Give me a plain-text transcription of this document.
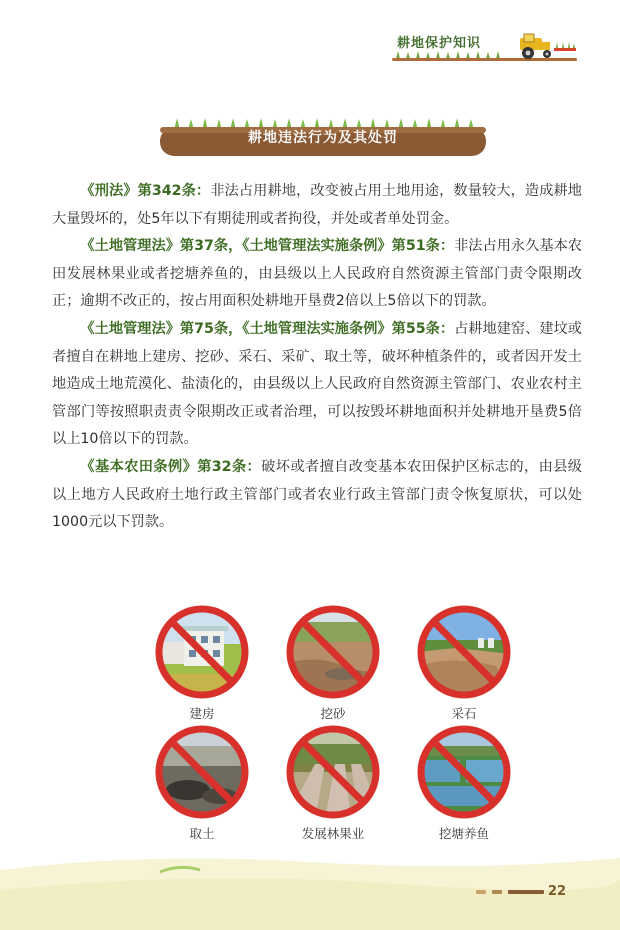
耕地保护知识
耕地违法行为及其处罚

《刑法》第342条：非法占用耕地，改变被占用土地用途，数量较大，造成耕地大量毁坏的，处5年以下有期徒刑或者拘役，并处或者单处罚金。

《土地管理法》第37条，《土地管理法实施条例》第51条：非法占用永久基本农田发展林果业或者挖塘养鱼的，由县级以上人民政府自然资源主管部门责令限期改正；逾期不改正的，按占用面积处耕地开垦费2倍以上5倍以下的罚款。

《土地管理法》第75条，《土地管理法实施条例》第55条：占耕地建窑、建坟或者擅自在耕地上建房、挖砂、采石、采矿、取土等，破坏种植条件的，或者因开发土地造成土地荒漠化、盐渍化的，由县级以上人民政府自然资源主管部门、农业农村主管部门等按照职责责令限期改正或者治理，可以按毁坏耕地面积并处耕地开垦费5倍以上10倍以下的罚款。

《基本农田条例》第32条：破坏或者擅自改变基本农田保护区标志的，由县级以上地方人民政府土地行政主管部门或者农业行政主管部门责令恢复原状，可以处1000元以下罚款。

建房	挖砂	采石
取土	发展林果业	挖塘养鱼
22
